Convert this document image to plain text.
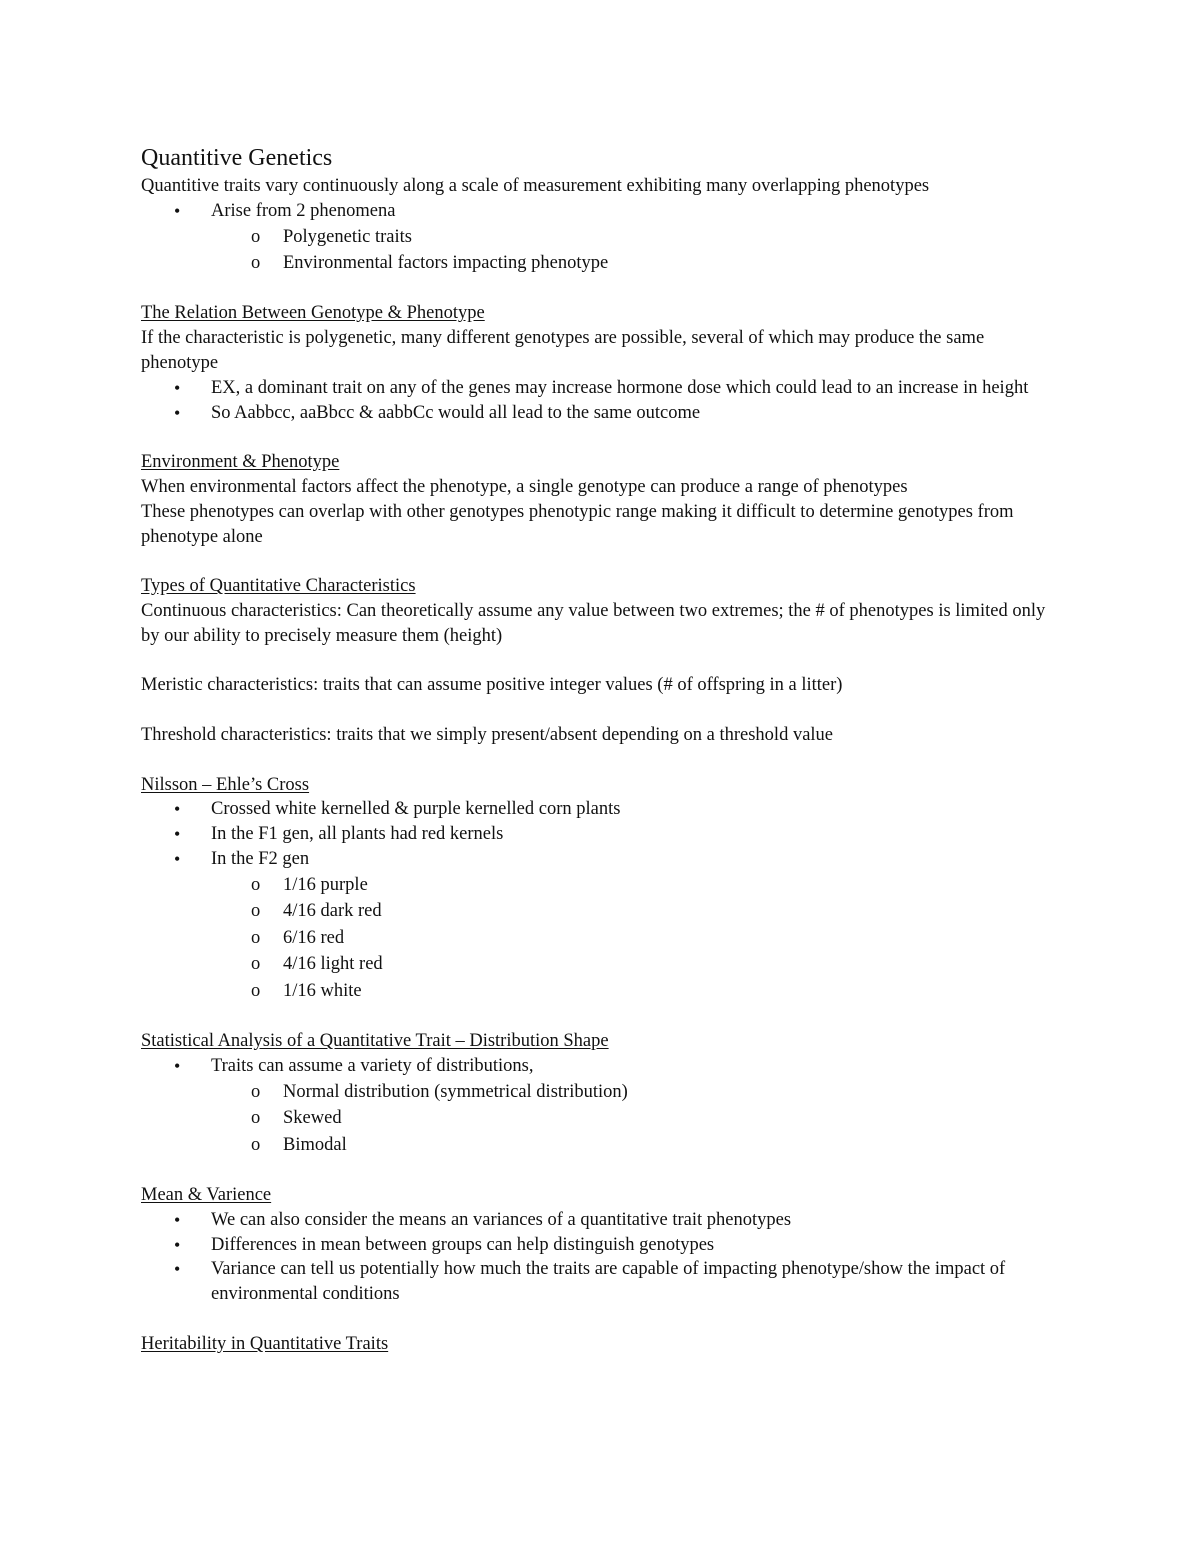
Quantitive Genetics

Quantitive traits vary continuously along a scale of measurement exhibiting many overlapping phenotypes

• Arise from 2 phenomena
o Polygenetic traits
o Environmental factors impacting phenotype

The Relation Between Genotype & Phenotype

If the characteristic is polygenetic, many different genotypes are possible, several of which may produce the same phenotype

• EX, a dominant trait on any of the genes may increase hormone dose which could lead to an increase in height
• So Aabbcc, aaBbcc & aabbCc would all lead to the same outcome

Environment & Phenotype

When environmental factors affect the phenotype, a single genotype can produce a range of phenotypes

These phenotypes can overlap with other genotypes phenotypic range making it difficult to determine genotypes from phenotype alone

Types of Quantitative Characteristics

Continuous characteristics: Can theoretically assume any value between two extremes; the # of phenotypes is limited only by our ability to precisely measure them (height)

Meristic characteristics: traits that can assume positive integer values (# of offspring in a litter)

Threshold characteristics: traits that we simply present/absent depending on a threshold value

Nilsson – Ehle’s Cross

• Crossed white kernelled & purple kernelled corn plants
• In the F1 gen, all plants had red kernels
• In the F2 gen
o 1/16 purple
o 4/16 dark red
o 6/16 red
o 4/16 light red
o 1/16 white

Statistical Analysis of a Quantitative Trait – Distribution Shape

• Traits can assume a variety of distributions,
o Normal distribution (symmetrical distribution)
o Skewed
o Bimodal

Mean & Varience

• We can also consider the means an variances of a quantitative trait phenotypes
• Differences in mean between groups can help distinguish genotypes
• Variance can tell us potentially how much the traits are capable of impacting phenotype/show the impact of environmental conditions

Heritability in Quantitative Traits
